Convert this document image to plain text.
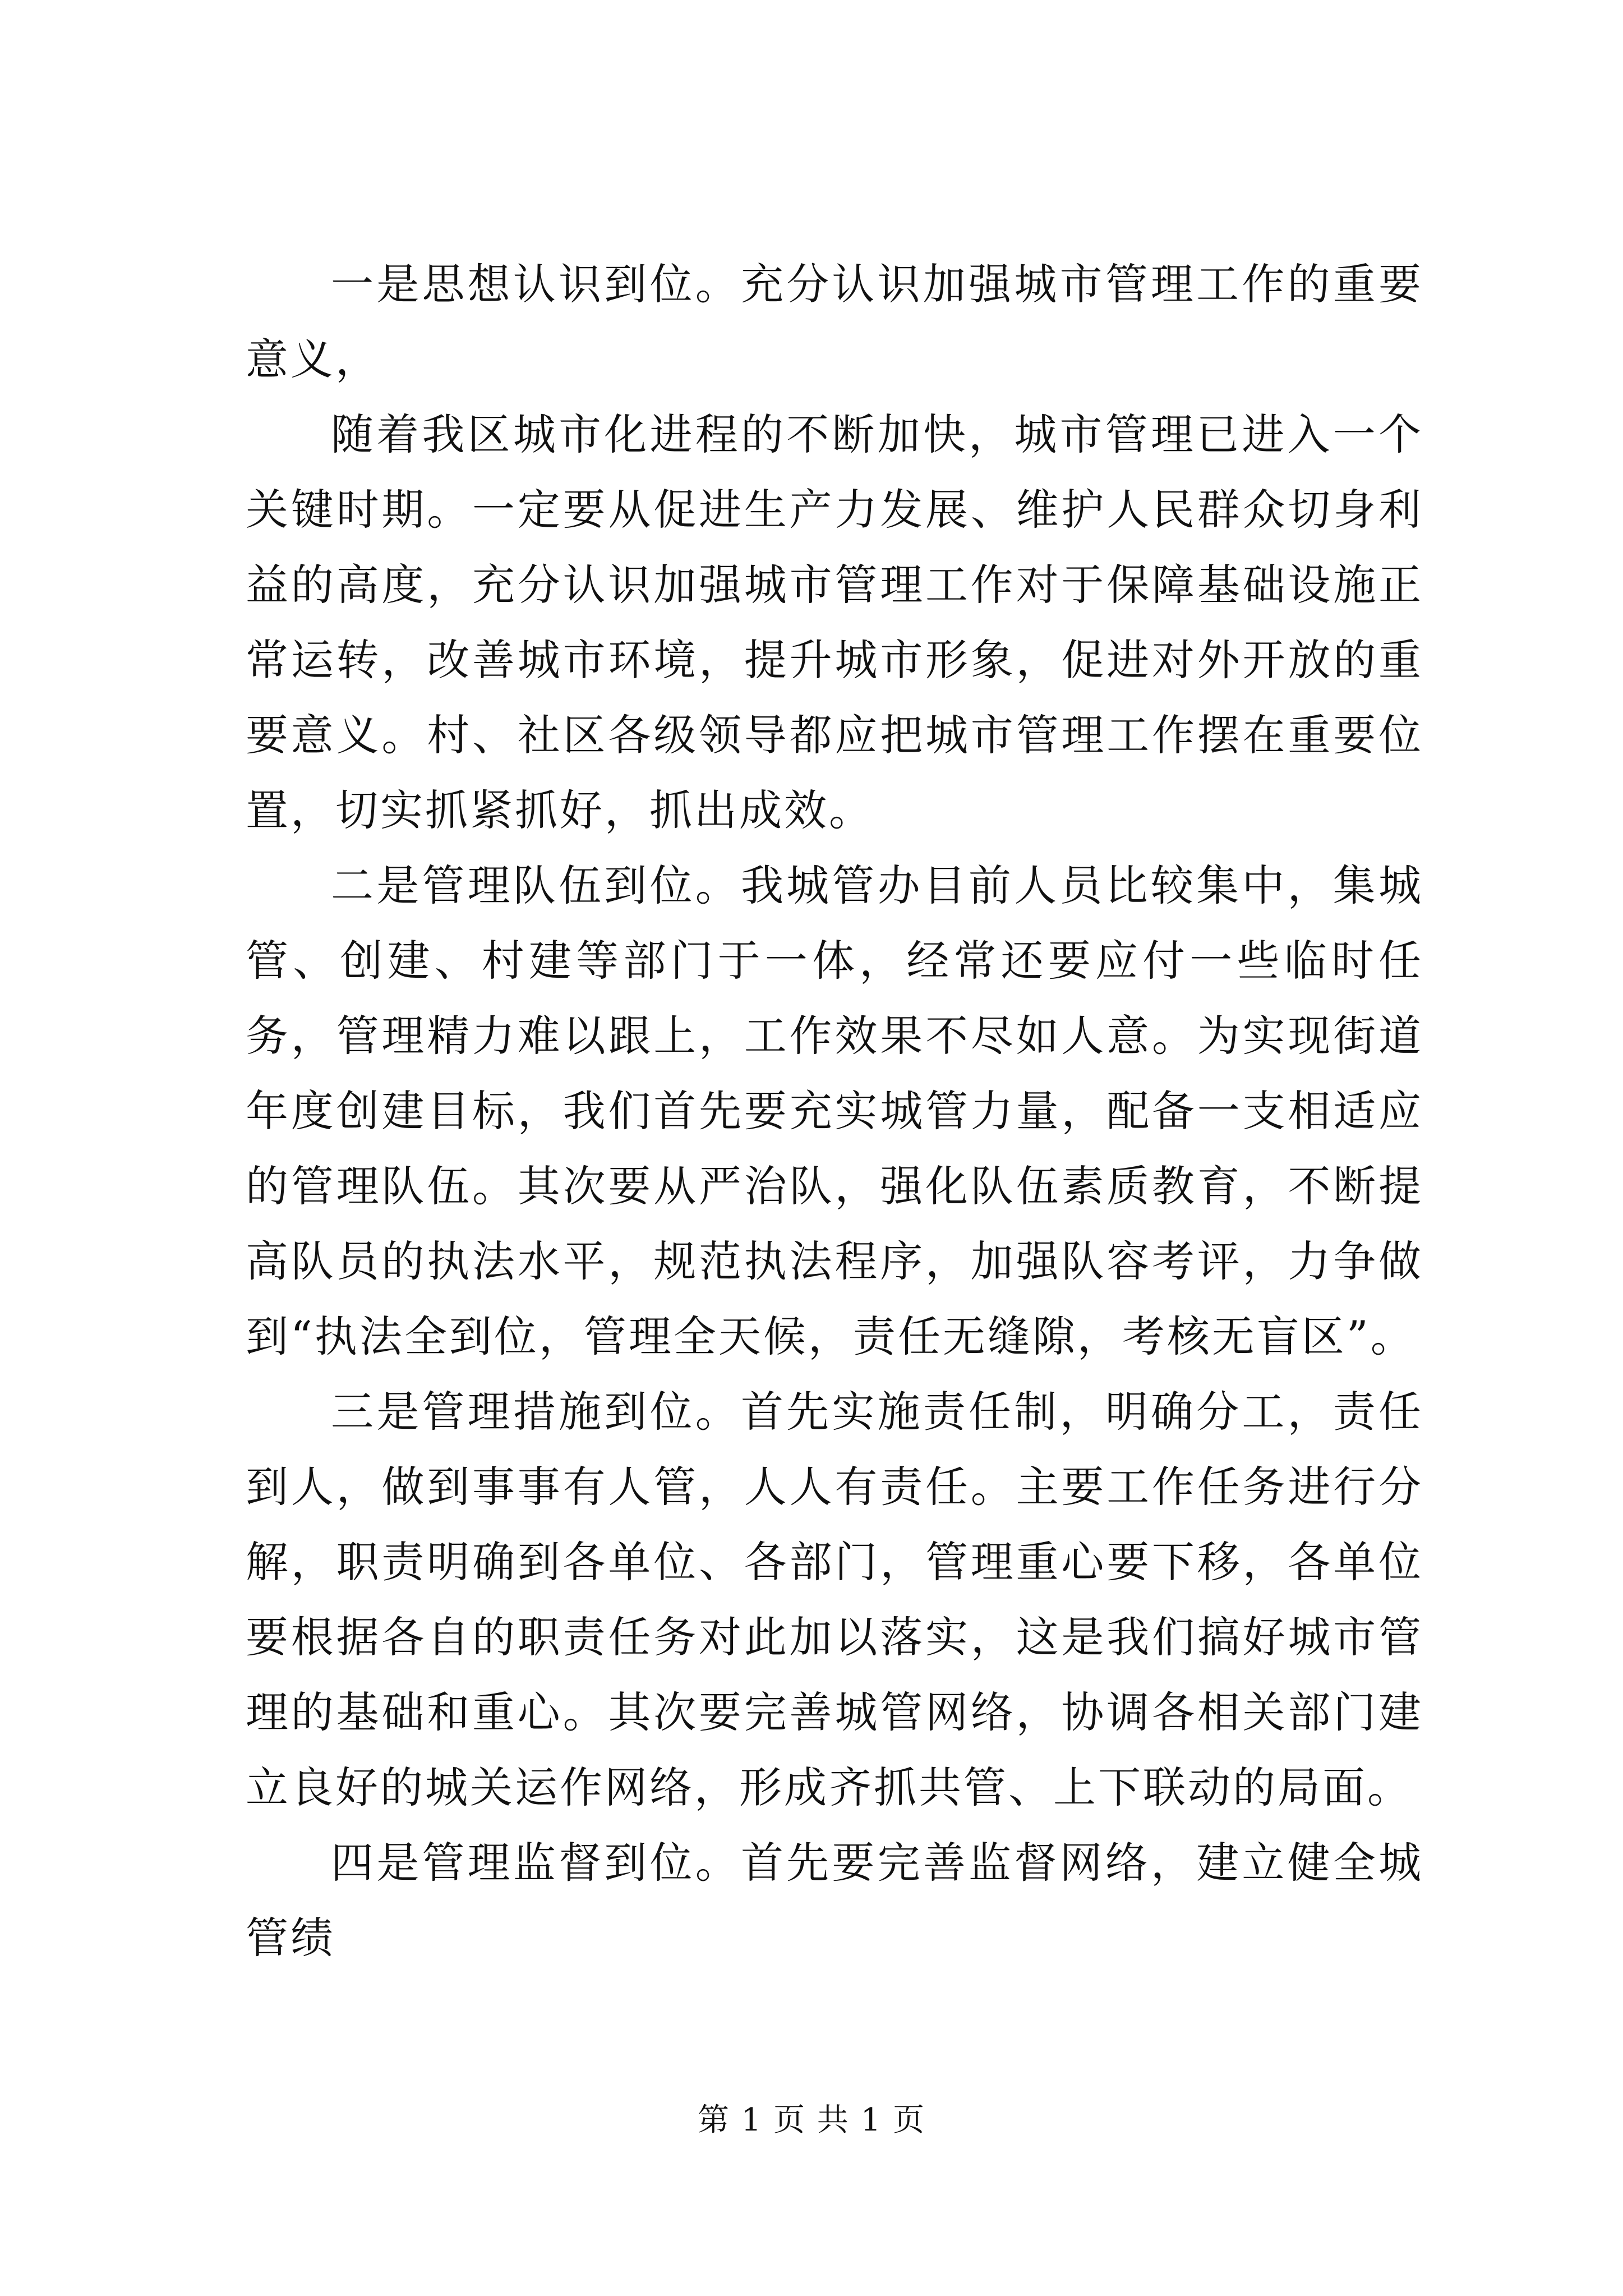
一是思想认识到位。充分认识加强城市管理工作的重要意义，

随着我区城市化进程的不断加快，城市管理已进入一个关键时期。一定要从促进生产力发展、维护人民群众切身利益的高度，充分认识加强城市管理工作对于保障基础设施正常运转，改善城市环境，提升城市形象，促进对外开放的重要意义。村、社区各级领导都应把城市管理工作摆在重要位置，切实抓紧抓好，抓出成效。

二是管理队伍到位。我城管办目前人员比较集中，集城管、创建、村建等部门于一体，经常还要应付一些临时任务，管理精力难以跟上，工作效果不尽如人意。为实现街道年度创建目标，我们首先要充实城管力量，配备一支相适应的管理队伍。其次要从严治队，强化队伍素质教育，不断提高队员的执法水平，规范执法程序，加强队容考评，力争做到“执法全到位，管理全天候，责任无缝隙，考核无盲区”。

三是管理措施到位。首先实施责任制，明确分工，责任到人，做到事事有人管，人人有责任。主要工作任务进行分解，职责明确到各单位、各部门，管理重心要下移，各单位要根据各自的职责任务对此加以落实，这是我们搞好城市管理的基础和重心。其次要完善城管网络，协调各相关部门建立良好的城关运作网络，形成齐抓共管、上下联动的局面。

四是管理监督到位。首先要完善监督网络，建立健全城管绩

第 1 页 共 1 页
